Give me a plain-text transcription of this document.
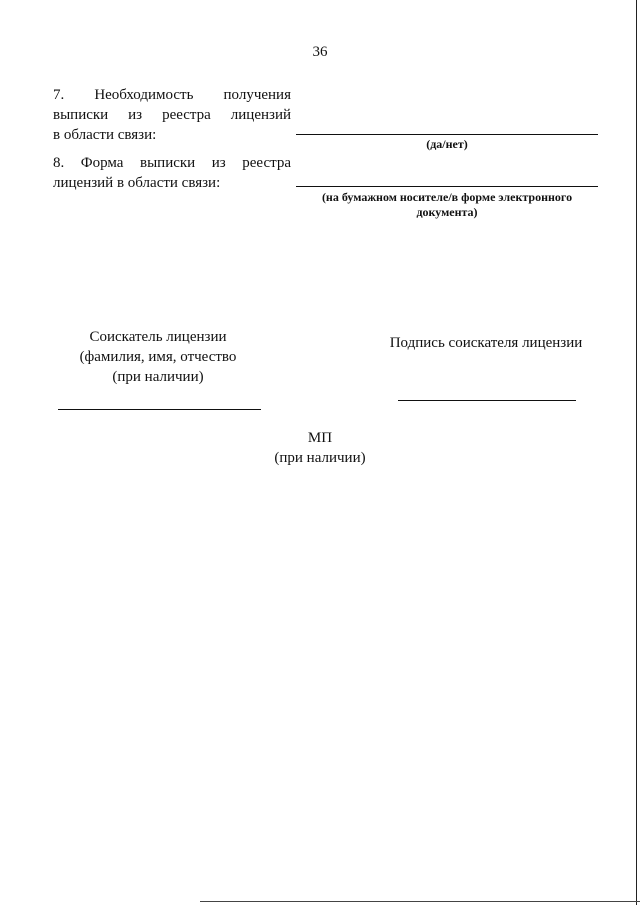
36
7. Необходимость получения
выписки из реестра лицензий
в области связи:
(да/нет)
8. Форма выписки из реестра
лицензий в области связи:
(на бумажном носителе/в форме электронного
документа)
Соискатель лицензии
(фамилия, имя, отчество
(при наличии)
Подпись соискателя лицензии
МП
(при наличии)
